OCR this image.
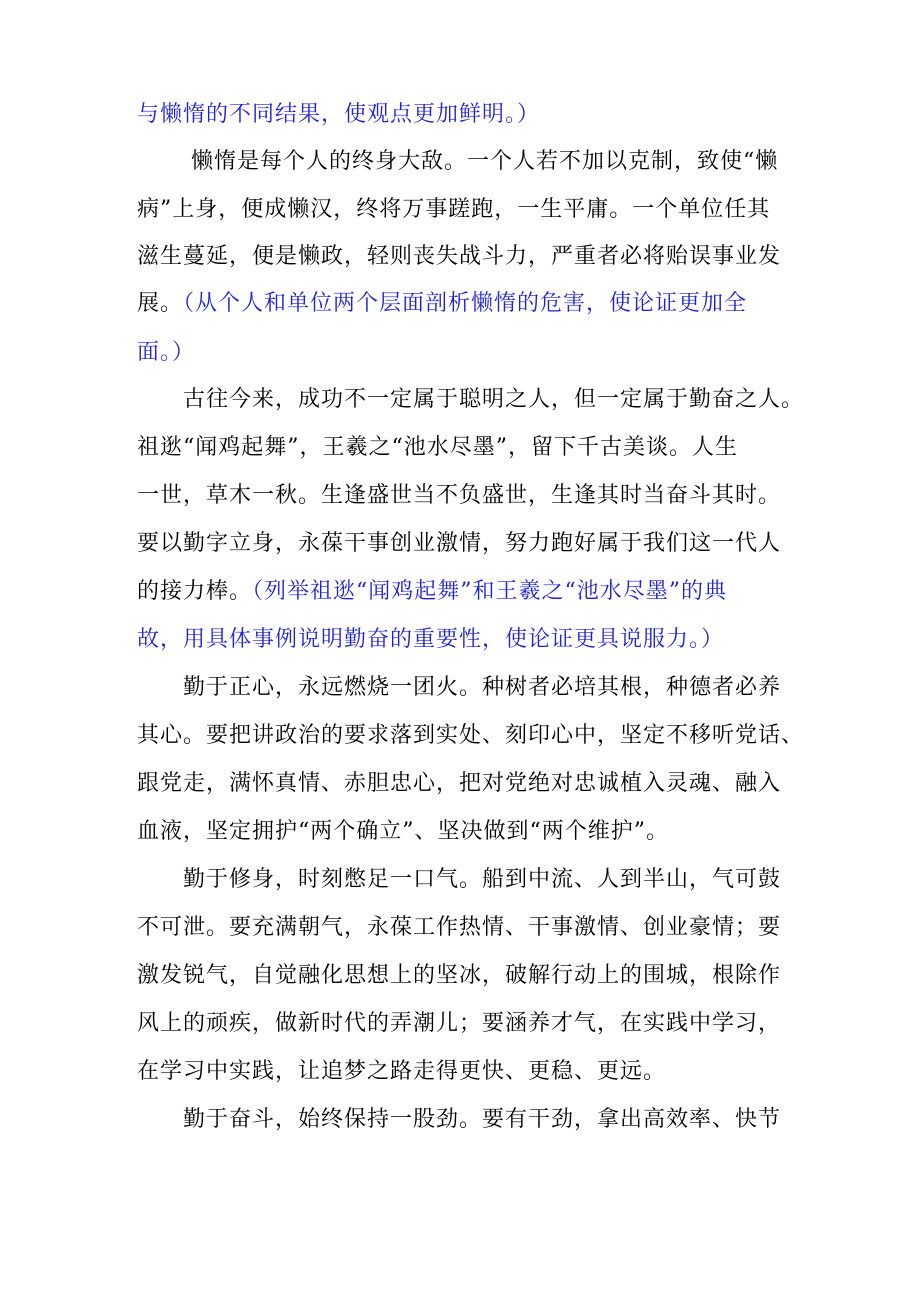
与懒惰的不同结果，使观点更加鲜明。）
　　 懒惰是每个人的终身大敌。一个人若不加以克制，致使“懒
病”上身，便成懒汉，终将万事蹉跑，一生平庸。一个单位任其
滋生蔓延，便是懒政，轻则丧失战斗力，严重者必将贻误事业发
展。（从个人和单位两个层面剖析懒惰的危害，使论证更加全
面。）
　　古往今来，成功不一定属于聪明之人，但一定属于勤奋之人。
祖逖“闻鸡起舞”，王羲之“池水尽墨”，留下千古美谈。人生
一世，草木一秋。生逢盛世当不负盛世，生逢其时当奋斗其时。
要以勤字立身，永葆干事创业激情，努力跑好属于我们这一代人
的接力棒。（列举祖逖“闻鸡起舞”和王羲之“池水尽墨”的典
故，用具体事例说明勤奋的重要性，使论证更具说服力。）
　　勤于正心，永远燃烧一团火。种树者必培其根，种德者必养
其心。要把讲政治的要求落到实处、刻印心中，坚定不移听党话、
跟党走，满怀真情、赤胆忠心，把对党绝对忠诚植入灵魂、融入
血液，坚定拥护“两个确立”、坚决做到“两个维护”。
　　勤于修身，时刻憋足一口气。船到中流、人到半山，气可鼓
不可泄。要充满朝气，永葆工作热情、干事激情、创业豪情；要
激发锐气，自觉融化思想上的坚冰，破解行动上的围城，根除作
风上的顽疾，做新时代的弄潮儿；要涵养才气，在实践中学习，
在学习中实践，让追梦之路走得更快、更稳、更远。
　　勤于奋斗，始终保持一股劲。要有干劲，拿出高效率、快节
